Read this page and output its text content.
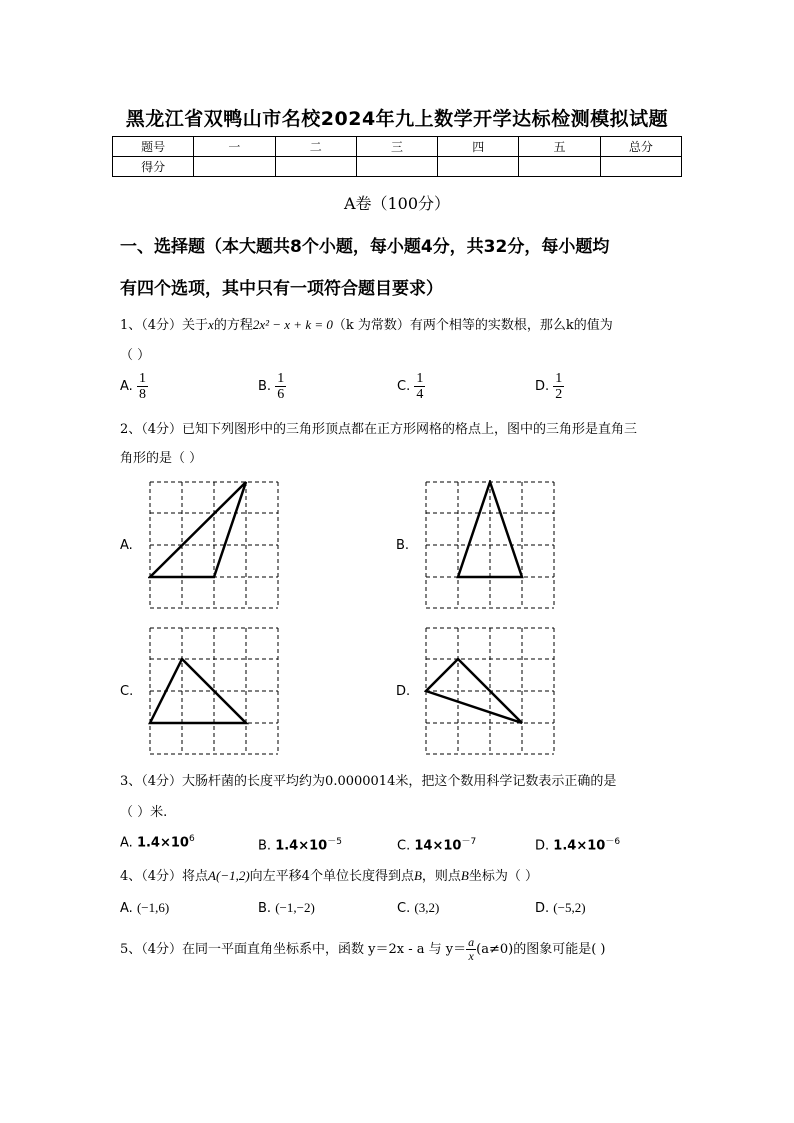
黑龙江省双鸭山市名校2024年九上数学开学达标检测模拟试题
题号	一	二	三	四	五	总分
得分						
A卷（100分）
一、选择题（本大题共8个小题，每小题4分，共32分，每小题均
有四个选项，其中只有一项符合题目要求）
1、（4分）关于x的方程2x² − x + k = 0（k 为常数）有两个相等的实数根，那么k的值为
（ ）
A. $\frac{1}{8}$	B. $\frac{1}{6}$	C. $\frac{1}{4}$	D. $\frac{1}{2}$
2、（4分）已知下列图形中的三角形顶点都在正方形网格的格点上，图中的三角形是直角三
角形的是（ ）
A.	B.
C.	D.
3、（4分）大肠杆菌的长度平均约为0.0000014米，把这个数用科学记数表示正确的是
（ ）米.
A. $1.4\times 10^6$	B. $1.4\times 10^{-5}$	C. $14\times 10^{-7}$	D. $1.4\times 10^{-6}$
4、（4分）将点A(−1,2)向左平移4个单位长度得到点B，则点B坐标为（ ）
A. (−1,6)	B. (−1,−2)	C. (3,2)	D. (−5,2)
5、（4分）在同一平面直角坐标系中，函数 y＝2x - a 与 $y= \frac{a}{x} (a\ne 0)$的图象可能是( )
